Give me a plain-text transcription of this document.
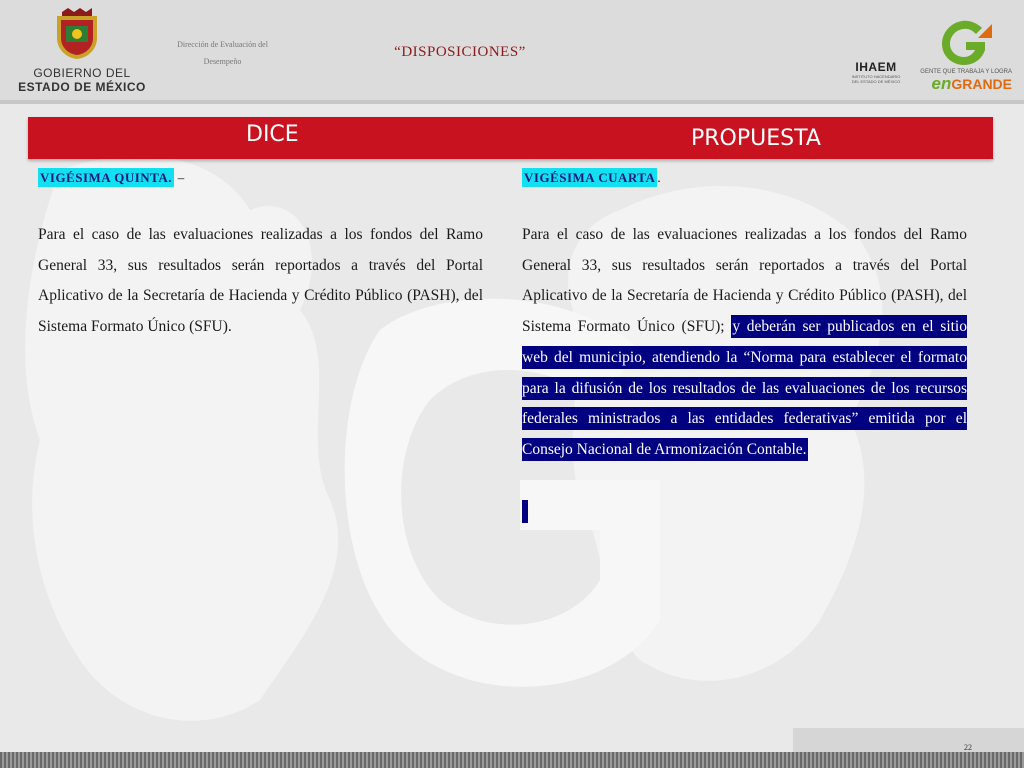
GOBIERNO DEL
ESTADO DE MÉXICO
Dirección de Evaluación del
Desempeño
“DISPOSICIONES”
IHAEM
INSTITUTO HACENDARIO DEL ESTADO DE MÉXICO
GENTE QUE TRABAJA Y LOGRA
enGRANDE
DICE	PROPUESTA
VIGÉSIMA QUINTA. –
Para el caso de las evaluaciones realizadas a los fondos del Ramo General 33, sus resultados serán reportados a través del Portal Aplicativo de la Secretaría de Hacienda y Crédito Público (PASH), del Sistema Formato Único (SFU).
VIGÉSIMA CUARTA .
Para el caso de las evaluaciones realizadas a los fondos del Ramo General 33, sus resultados serán reportados a través del Portal Aplicativo de la Secretaría de Hacienda y Crédito Público (PASH), del Sistema Formato Único (SFU); y deberán ser publicados en el sitio web del municipio, atendiendo la “Norma para establecer el formato para la difusión de los resultados de las evaluaciones de los recursos federales ministrados a las entidades federativas” emitida por el Consejo Nacional de Armonización Contable.
22
